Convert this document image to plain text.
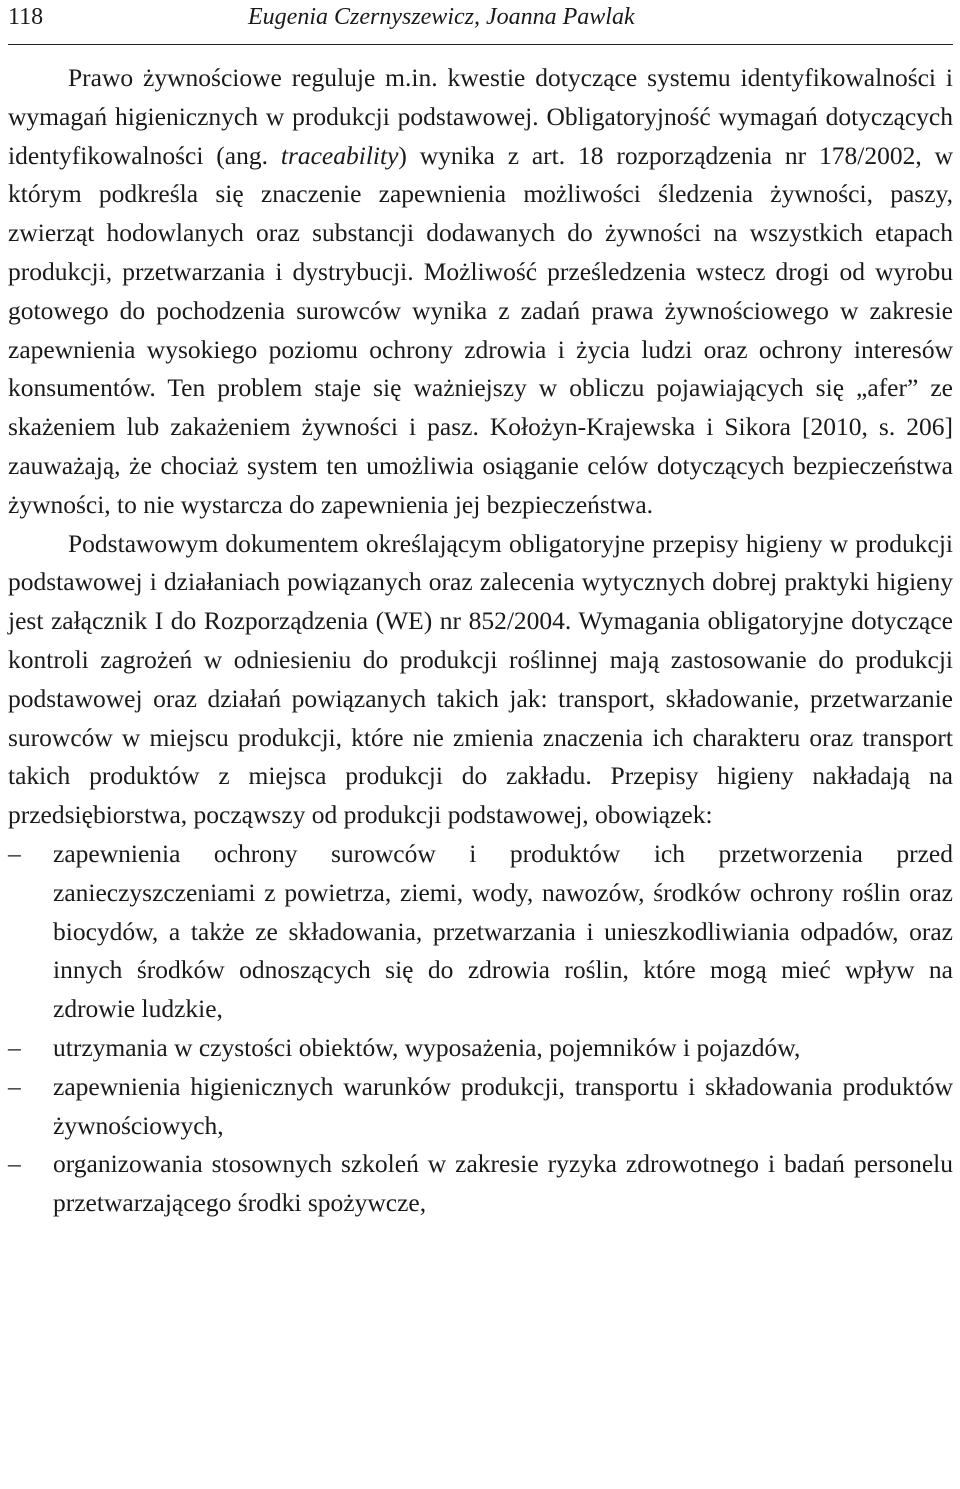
118	Eugenia Czernyszewicz, Joanna Pawlak

Prawo żywnościowe reguluje m.in. kwestie dotyczące systemu identyfikowalności i wymagań higienicznych w produkcji podstawowej. Obligatoryjność wymagań dotyczących identyfikowalności (ang. traceability) wynika z art. 18 rozporządzenia nr 178/2002, w którym podkreśla się znaczenie zapewnienia możliwości śledzenia żywności, paszy, zwierząt hodowlanych oraz substancji dodawanych do żywności na wszystkich etapach produkcji, przetwarzania i dystrybucji. Możliwość prześledzenia wstecz drogi od wyrobu gotowego do pochodzenia surowców wynika z zadań prawa żywnościowego w zakresie zapewnienia wysokiego poziomu ochrony zdrowia i życia ludzi oraz ochrony interesów konsumentów. Ten problem staje się ważniejszy w obliczu pojawiających się „afer” ze skażeniem lub zakażeniem żywności i pasz. Kołożyn-Krajewska i Sikora [2010, s. 206] zauważają, że chociaż system ten umożliwia osiąganie celów dotyczących bezpieczeństwa żywności, to nie wystarcza do zapewnienia jej bezpieczeństwa.

Podstawowym dokumentem określającym obligatoryjne przepisy higieny w produkcji podstawowej i działaniach powiązanych oraz zalecenia wytycznych dobrej praktyki higieny jest załącznik I do Rozporządzenia (WE) nr 852/2004. Wymagania obligatoryjne dotyczące kontroli zagrożeń w odniesieniu do produkcji roślinnej mają zastosowanie do produkcji podstawowej oraz działań powiązanych takich jak: transport, składowanie, przetwarzanie surowców w miejscu produkcji, które nie zmienia znaczenia ich charakteru oraz transport takich produktów z miejsca produkcji do zakładu. Przepisy higieny nakładają na przedsiębiorstwa, począwszy od produkcji podstawowej, obowiązek:

– zapewnienia ochrony surowców i produktów ich przetworzenia przed zanieczyszczeniami z powietrza, ziemi, wody, nawozów, środków ochrony roślin oraz biocydów, a także ze składowania, przetwarzania i unieszkodliwiania odpadów, oraz innych środków odnoszących się do zdrowia roślin, które mogą mieć wpływ na zdrowie ludzkie,
– utrzymania w czystości obiektów, wyposażenia, pojemników i pojazdów,
– zapewnienia higienicznych warunków produkcji, transportu i składowania produktów żywnościowych,
– organizowania stosownych szkoleń w zakresie ryzyka zdrowotnego i badań personelu przetwarzającego środki spożywcze,
